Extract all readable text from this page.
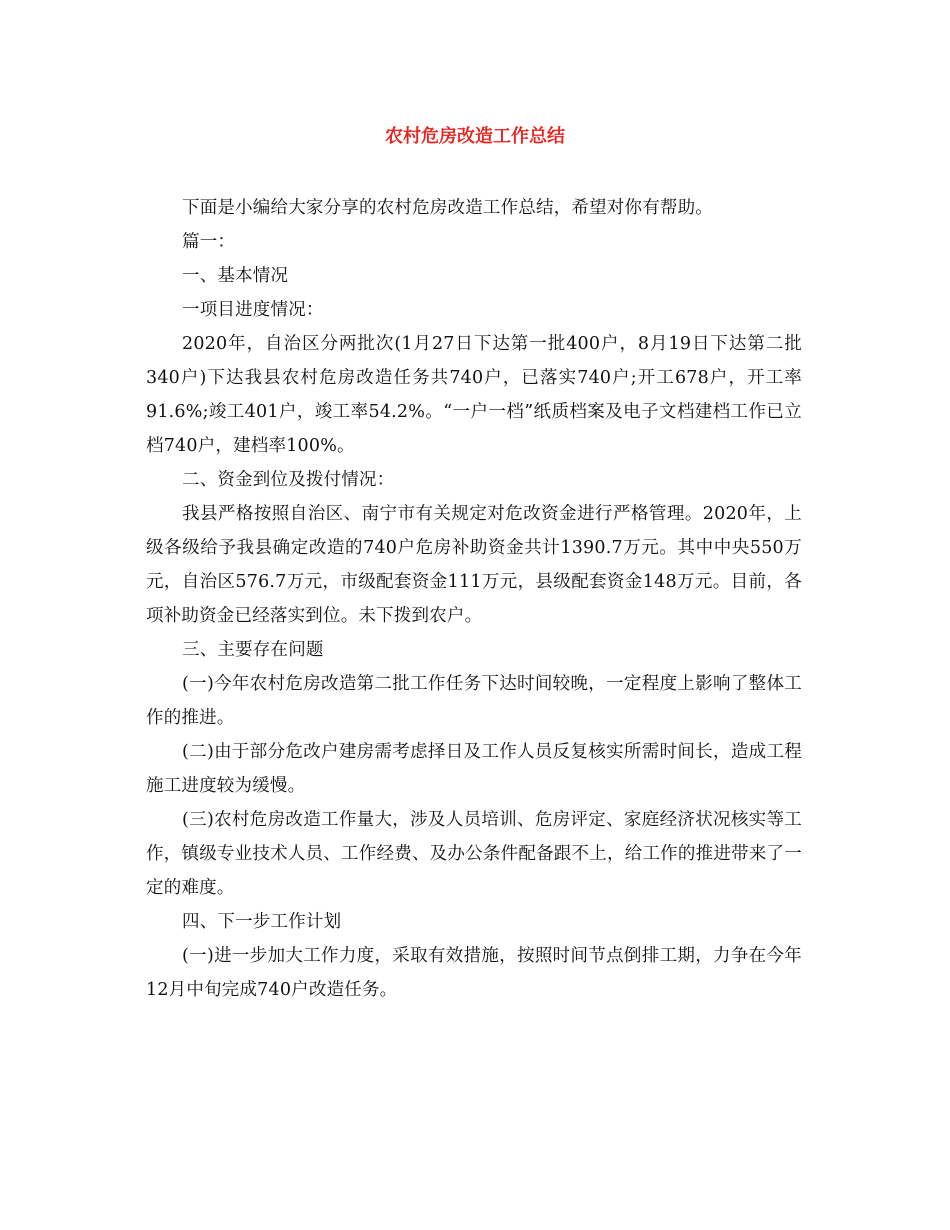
农村危房改造工作总结

下面是小编给大家分享的农村危房改造工作总结，希望对你有帮助。

篇一：

一、基本情况

一项目进度情况：

2020年，自治区分两批次(1月27日下达第一批400户，8月19日下达第二批340户)下达我县农村危房改造任务共740户，已落实740户;开工678户，开工率91.6%;竣工401户，竣工率54.2%。“一户一档”纸质档案及电子文档建档工作已立档740户，建档率100%。

二、资金到位及拨付情况：

我县严格按照自治区、南宁市有关规定对危改资金进行严格管理。2020年，上级各级给予我县确定改造的740户危房补助资金共计1390.7万元。其中中央550万元，自治区576.7万元，市级配套资金111万元，县级配套资金148万元。目前，各项补助资金已经落实到位。未下拨到农户。

三、主要存在问题

(一)今年农村危房改造第二批工作任务下达时间较晚，一定程度上影响了整体工作的推进。

(二)由于部分危改户建房需考虑择日及工作人员反复核实所需时间长，造成工程施工进度较为缓慢。

(三)农村危房改造工作量大，涉及人员培训、危房评定、家庭经济状况核实等工作，镇级专业技术人员、工作经费、及办公条件配备跟不上，给工作的推进带来了一定的难度。

四、下一步工作计划

(一)进一步加大工作力度，采取有效措施，按照时间节点倒排工期，力争在今年12月中旬完成740户改造任务。
